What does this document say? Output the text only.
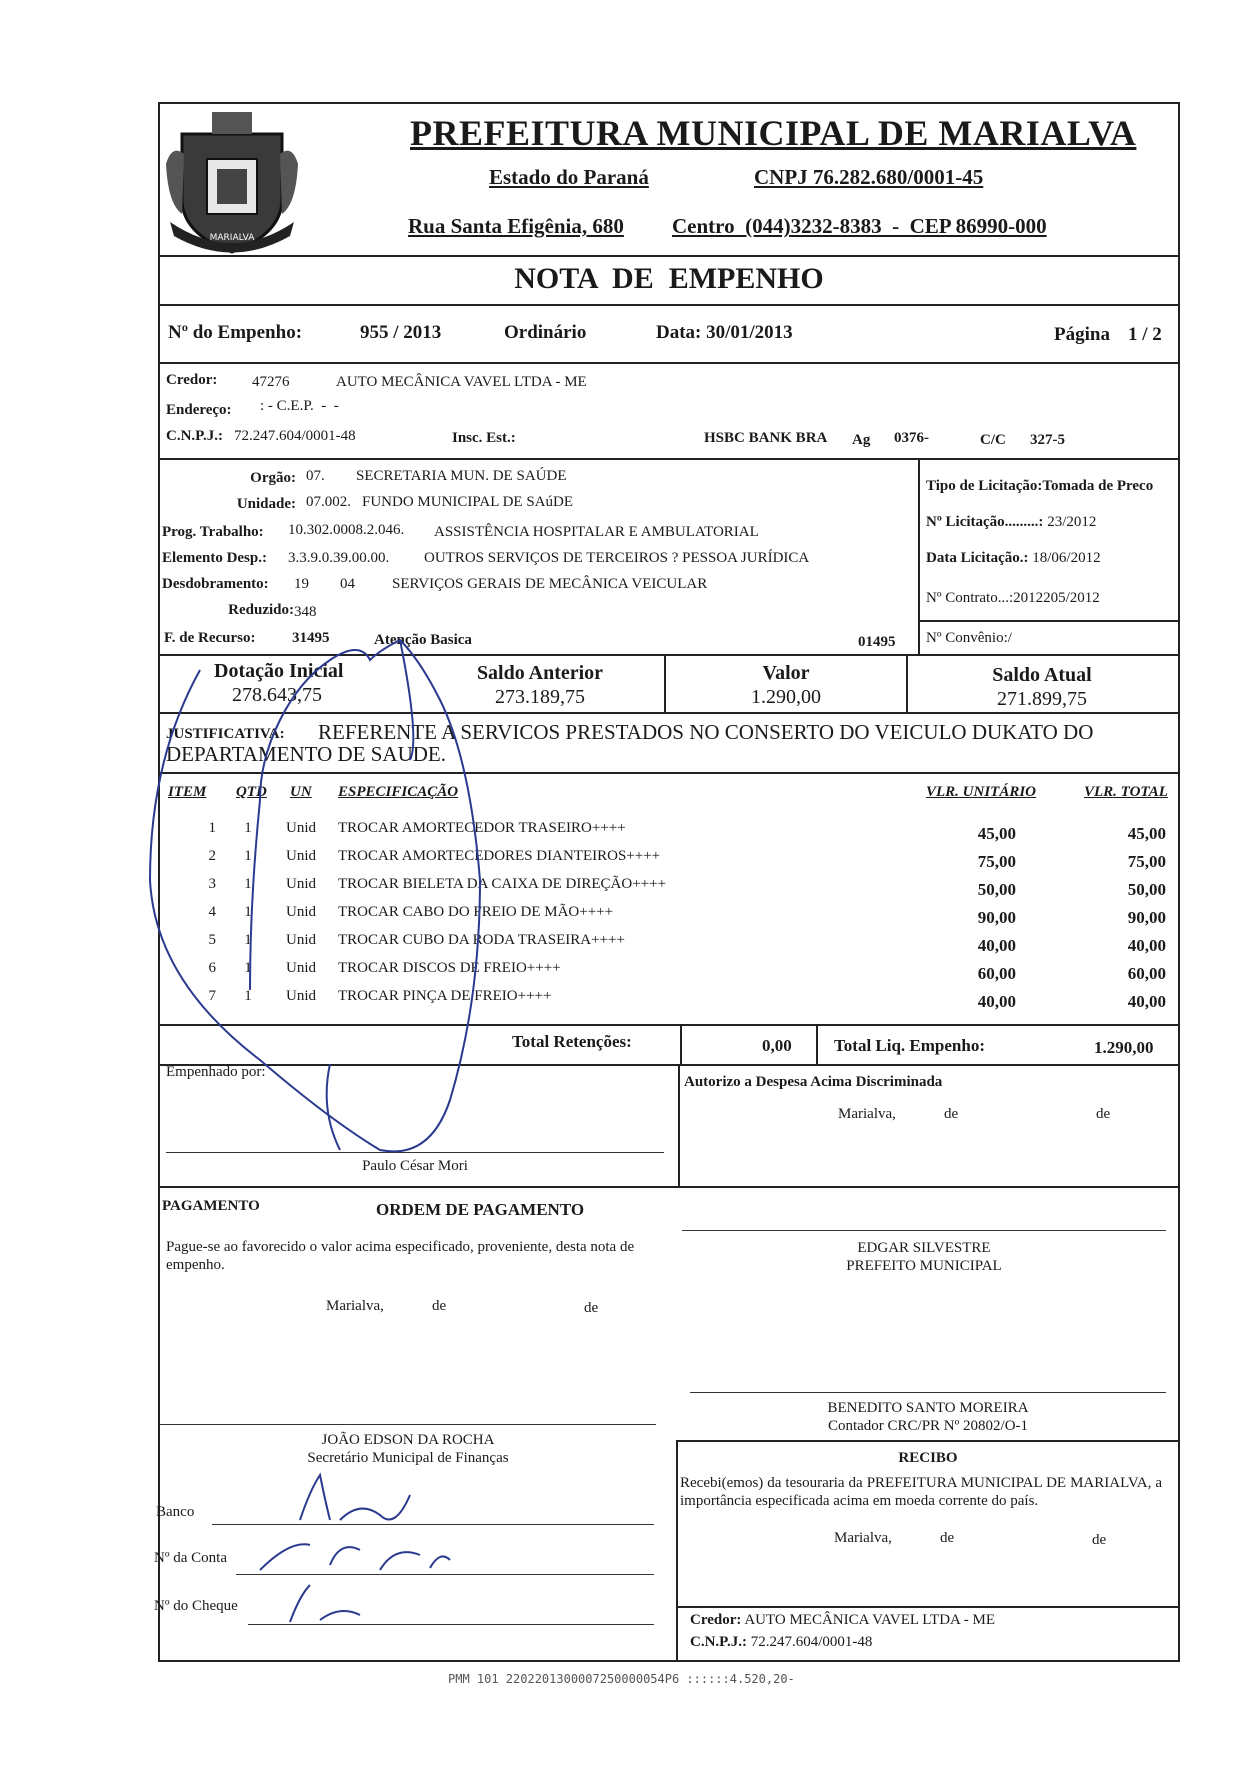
MARIALVA
PREFEITURA MUNICIPAL DE MARIALVA
Estado do Paraná	CNPJ 76.282.680/0001-45
Rua Santa Efigênia, 680 Centro  (044)3232-8383  -  CEP 86990-000
NOTA  DE  EMPENHO
Nº do Empenho:	955 / 2013	Ordinário	Data: 30/01/2013	Página 1 / 2
Credor: 47276	AUTO MECÂNICA VAVEL LTDA - ME
Endereço: : - C.E.P.  -  -
C.N.P.J.: 72.247.604/0001-48	Insc. Est.:	HSBC BANK BRA Ag 0376-	C/C 327-5
Orgão: 07. SECRETARIA MUN. DE SAÚDE
Unidade: 07.002. FUNDO MUNICIPAL DE SAúDE
Prog. Trabalho: 10.302.0008.2.046. ASSISTÊNCIA HOSPITALAR E AMBULATORIAL
Elemento Desp.: 3.3.9.0.39.00.00. OUTROS SERVIÇOS DE TERCEIROS ? PESSOA JURÍDICA
Desdobramento: 19 04 SERVIÇOS GERAIS DE MECÂNICA VEICULAR
Reduzido: 348
F. de Recurso: 31495	Atenção Basica	01495
Tipo de Licitação:Tomada de Preco
Nº Licitação.........: 23/2012
Data Licitação.: 18/06/2012
Nº Contrato...:2012205/2012
Nº Convênio:/
Dotação Inicial
278.643,75
Saldo Anterior
273.189,75
Valor
1.290,00
Saldo Atual
271.899,75
JUSTIFICATIVA: REFERENTE A SERVICOS PRESTADOS NO CONSERTO DO VEICULO DUKATO DO
DEPARTAMENTO DE SAUDE.
ITEM QTD UN ESPECIFICAÇÃO	VLR. UNITÁRIO	VLR. TOTAL
1 1 Unid	TROCAR AMORTECEDOR TRASEIRO++++	45,00	45,00
2 1 Unid	TROCAR AMORTECEDORES DIANTEIROS++++	75,00	75,00
3 1 Unid	TROCAR BIELETA DA CAIXA DE DIREÇÃO++++	50,00	50,00
4 1 Unid	TROCAR CABO DO FREIO DE MÃO++++	90,00	90,00
5 1 Unid	TROCAR CUBO DA RODA TRASEIRA++++	40,00	40,00
6 1 Unid	TROCAR DISCOS DE FREIO++++	60,00	60,00
7 1 Unid	TROCAR PINÇA DE FREIO++++	40,00	40,00
Total Retenções:	0,00 Total Liq. Empenho:	1.290,00
Empenhado por:
Paulo César Mori
Autorizo a Despesa Acima Discriminada
Marialva,	de	de
PAGAMENTO	ORDEM DE PAGAMENTO
Pague-se ao favorecido o valor acima especificado, proveniente, desta nota de empenho.
Marialva,	de	de
EDGAR SILVESTRE
PREFEITO MUNICIPAL
BENEDITO SANTO MOREIRA
Contador CRC/PR Nº 20802/O-1
JOÃO EDSON DA ROCHA
Secretário Municipal de Finanças	RECIBO
Recebi(emos) da tesouraria da PREFEITURA MUNICIPAL DE MARIALVA, a importância especificada acima em moeda corrente do país.
Marialva,	de	de
Banco
Nº da Conta
Nº do Cheque
Credor: AUTO MECÂNICA VAVEL LTDA - ME
C.N.P.J.: 72.247.604/0001-48
PMM 101 2202201300007250000054P6 ::::::4.520,20-
